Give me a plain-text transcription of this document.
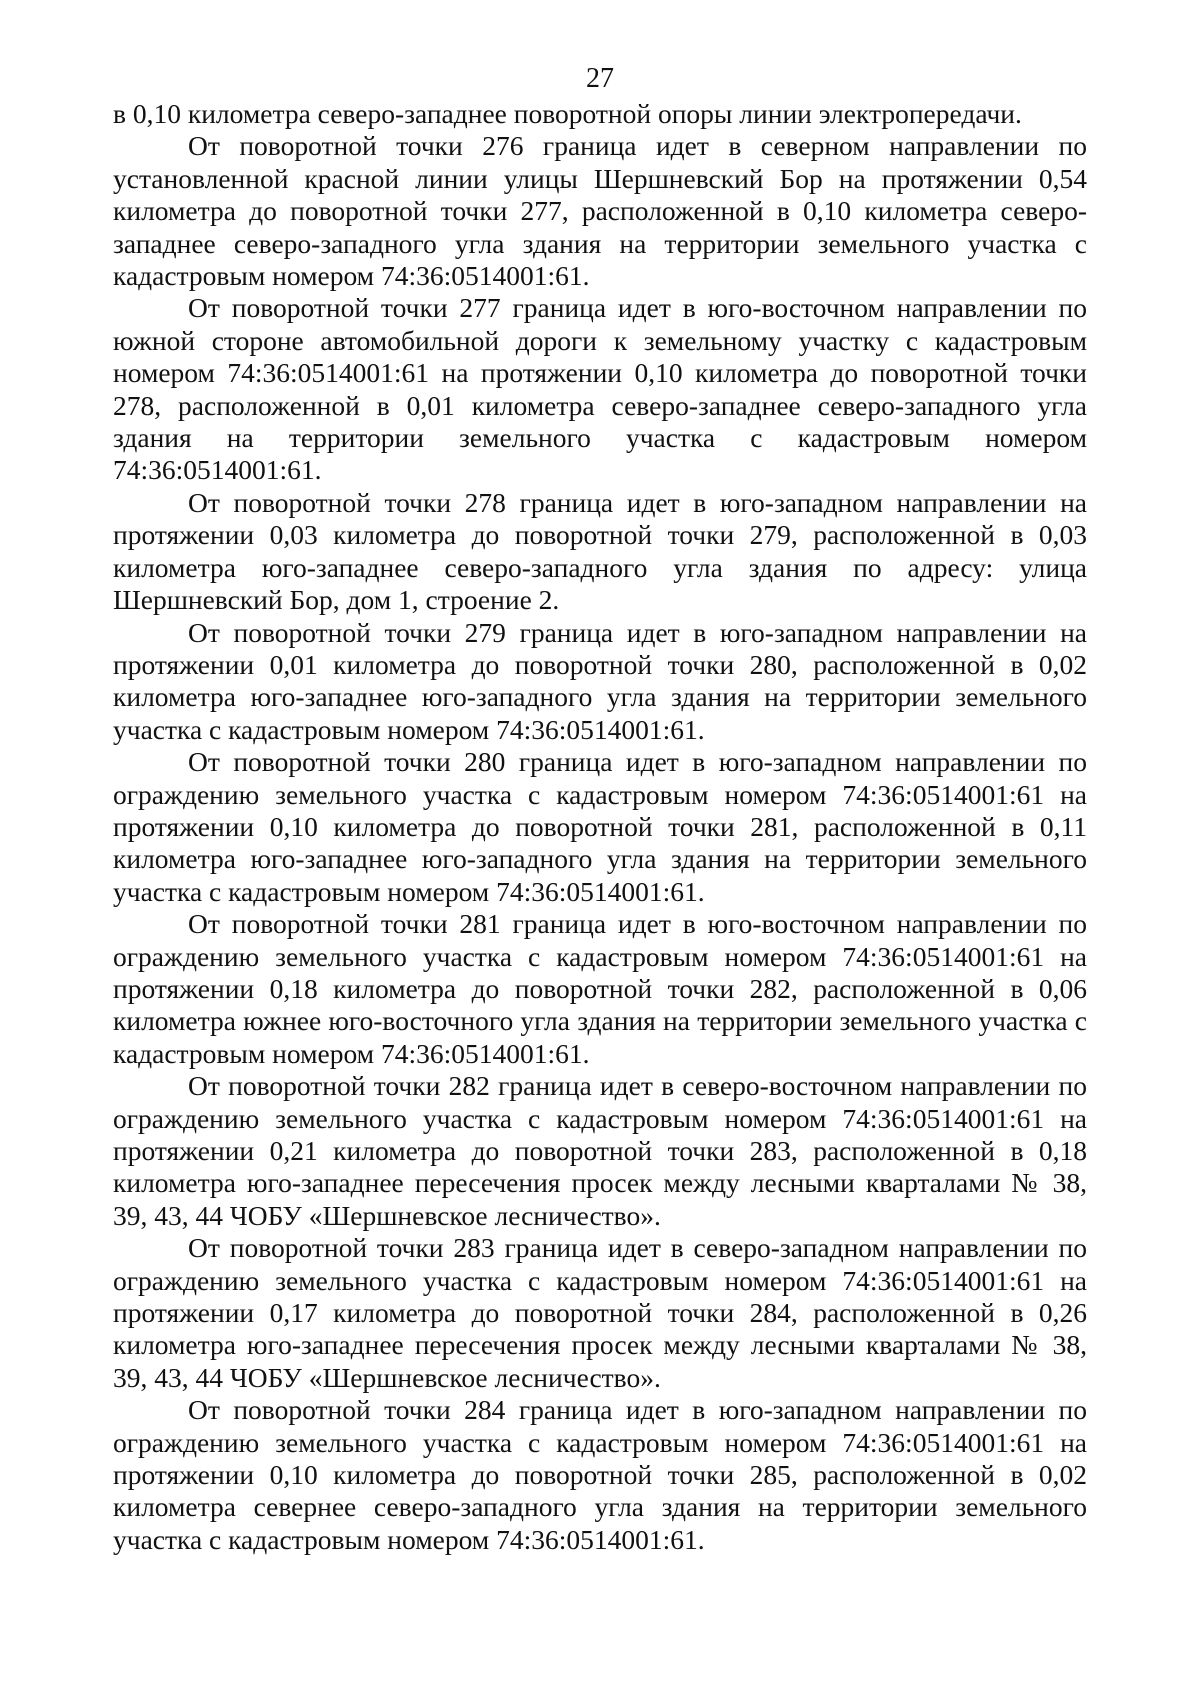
27

в 0,10 километра северо-западнее поворотной опоры линии электропередачи.

От поворотной точки 276 граница идет в северном направлении по установленной красной линии улицы Шершневский Бор на протяжении 0,54 километра до поворотной точки 277, расположенной в 0,10 километра северо-западнее северо-западного угла здания на территории земельного участка с кадастровым номером 74:36:0514001:61.

От поворотной точки 277 граница идет в юго-восточном направлении по южной стороне автомобильной дороги к земельному участку с кадастровым номером 74:36:0514001:61 на протяжении 0,10 километра до поворотной точки 278, расположенной в 0,01 километра северо-западнее северо-западного угла здания на территории земельного участка с кадастровым номером 74:36:0514001:61.

От поворотной точки 278 граница идет в юго-западном направлении на протяжении 0,03 километра до поворотной точки 279, расположенной в 0,03 километра юго-западнее северо-западного угла здания по адресу: улица Шершневский Бор, дом 1, строение 2.

От поворотной точки 279 граница идет в юго-западном направлении на протяжении 0,01 километра до поворотной точки 280, расположенной в 0,02 километра юго-западнее юго-западного угла здания на территории земельного участка с кадастровым номером 74:36:0514001:61.

От поворотной точки 280 граница идет в юго-западном направлении по ограждению земельного участка с кадастровым номером 74:36:0514001:61 на протяжении 0,10 километра до поворотной точки 281, расположенной в 0,11 километра юго-западнее юго-западного угла здания на территории земельного участка с кадастровым номером 74:36:0514001:61.

От поворотной точки 281 граница идет в юго-восточном направлении по ограждению земельного участка с кадастровым номером 74:36:0514001:61 на протяжении 0,18 километра до поворотной точки 282, расположенной в 0,06 километра южнее юго-восточного угла здания на территории земельного участка с кадастровым номером 74:36:0514001:61.

От поворотной точки 282 граница идет в северо-восточном направлении по ограждению земельного участка с кадастровым номером 74:36:0514001:61 на протяжении 0,21 километра до поворотной точки 283, расположенной в 0,18 километра юго-западнее пересечения просек между лесными кварталами № 38, 39, 43, 44 ЧОБУ «Шершневское лесничество».

От поворотной точки 283 граница идет в северо-западном направлении по ограждению земельного участка с кадастровым номером 74:36:0514001:61 на протяжении 0,17 километра до поворотной точки 284, расположенной в 0,26 километра юго-западнее пересечения просек между лесными кварталами № 38, 39, 43, 44 ЧОБУ «Шершневское лесничество».

От поворотной точки 284 граница идет в юго-западном направлении по ограждению земельного участка с кадастровым номером 74:36:0514001:61 на протяжении 0,10 километра до поворотной точки 285, расположенной в 0,02 километра севернее северо-западного угла здания на территории земельного участка с кадастровым номером 74:36:0514001:61.
